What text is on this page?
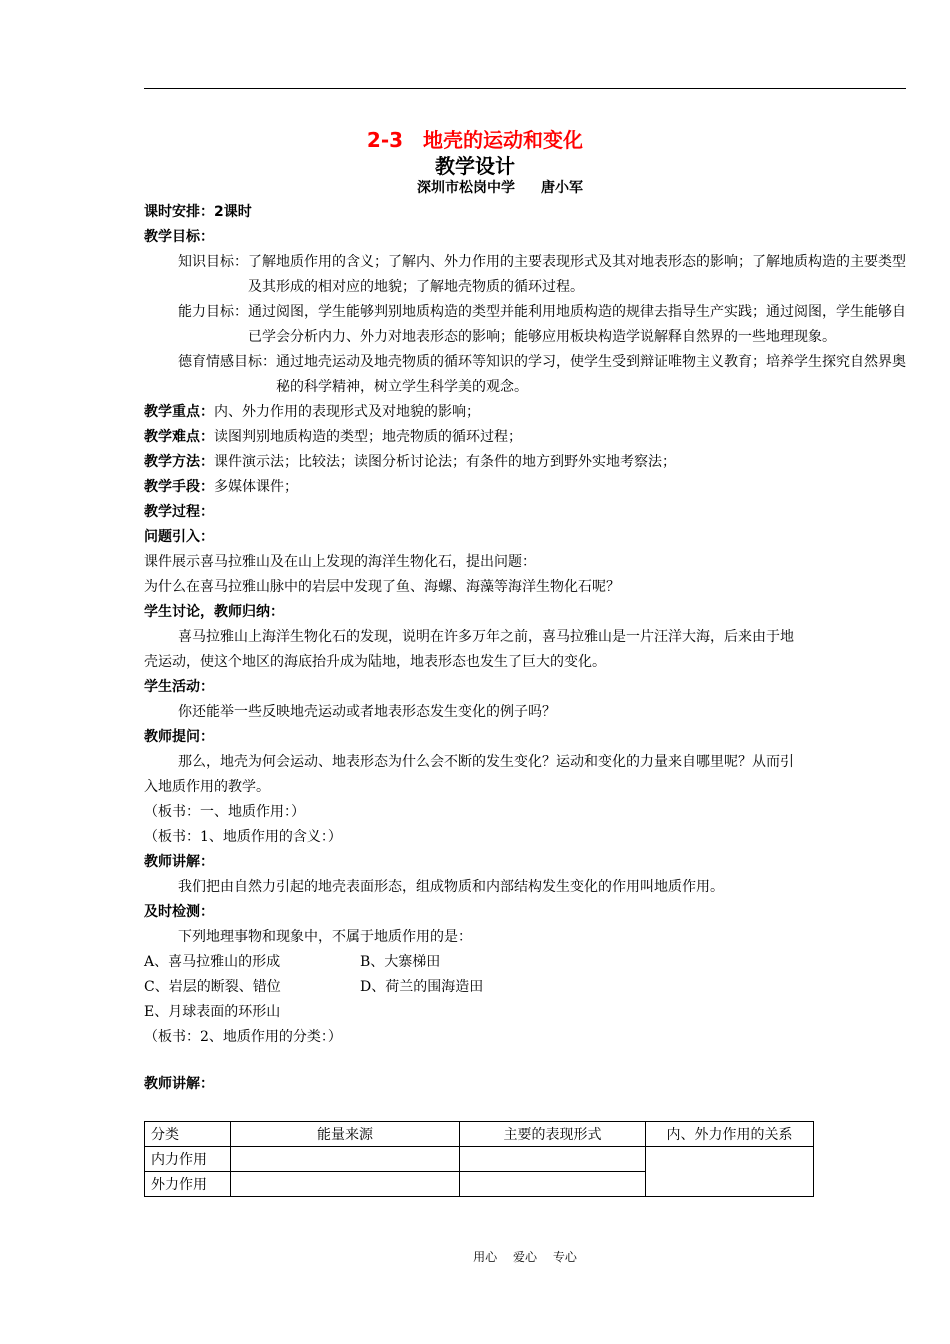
2-3　地壳的运动和变化
教学设计
深圳市松岗中学 唐小军

课时安排：2课时

教学目标：

知识目标： 了解地质作用的含义；了解内、外力作用的主要表现形式及其对地表形态的影响；了解地质构造的主要类型及其形成的相对应的地貌；了解地壳物质的循环过程。
能力目标： 通过阅图，学生能够判别地质构造的类型并能利用地质构造的规律去指导生产实践；通过阅图，学生能够自已学会分析内力、外力对地表形态的影响；能够应用板块构造学说解释自然界的一些地理现象。
德育情感目标： 通过地壳运动及地壳物质的循环等知识的学习，使学生受到辩证唯物主义教育；培养学生探究自然界奥秘的科学精神，树立学生科学美的观念。

教学重点：内、外力作用的表现形式及对地貌的影响；

教学难点：读图判别地质构造的类型；地壳物质的循环过程；

教学方法：课件演示法；比较法；读图分析讨论法；有条件的地方到野外实地考察法；

教学手段：多媒体课件；

教学过程：

问题引入：

课件展示喜马拉雅山及在山上发现的海洋生物化石，提出问题：

为什么在喜马拉雅山脉中的岩层中发现了鱼、海螺、海藻等海洋生物化石呢？

学生讨论，教师归纳：

喜马拉雅山上海洋生物化石的发现，说明在许多万年之前，喜马拉雅山是一片汪洋大海，后来由于地

壳运动，使这个地区的海底抬升成为陆地，地表形态也发生了巨大的变化。

学生活动：

你还能举一些反映地壳运动或者地表形态发生变化的例子吗？

教师提问：

那么，地壳为何会运动、地表形态为什么会不断的发生变化？运动和变化的力量来自哪里呢？从而引

入地质作用的教学。

（板书：一、地质作用：）

（板书：1、地质作用的含义：）

教师讲解：

我们把由自然力引起的地壳表面形态，组成物质和内部结构发生变化的作用叫地质作用。

及时检测：

下列地理事物和现象中，不属于地质作用的是：

A、喜马拉雅山的形成	B、大寨梯田
C、岩层的断裂、错位	D、荷兰的围海造田

E、月球表面的环形山

（板书：2、地质作用的分类：）

教师讲解：

分类	能量来源	主要的表现形式	内、外力作用的关系
内力作用			
外力作用			
用心 爱心 专心
